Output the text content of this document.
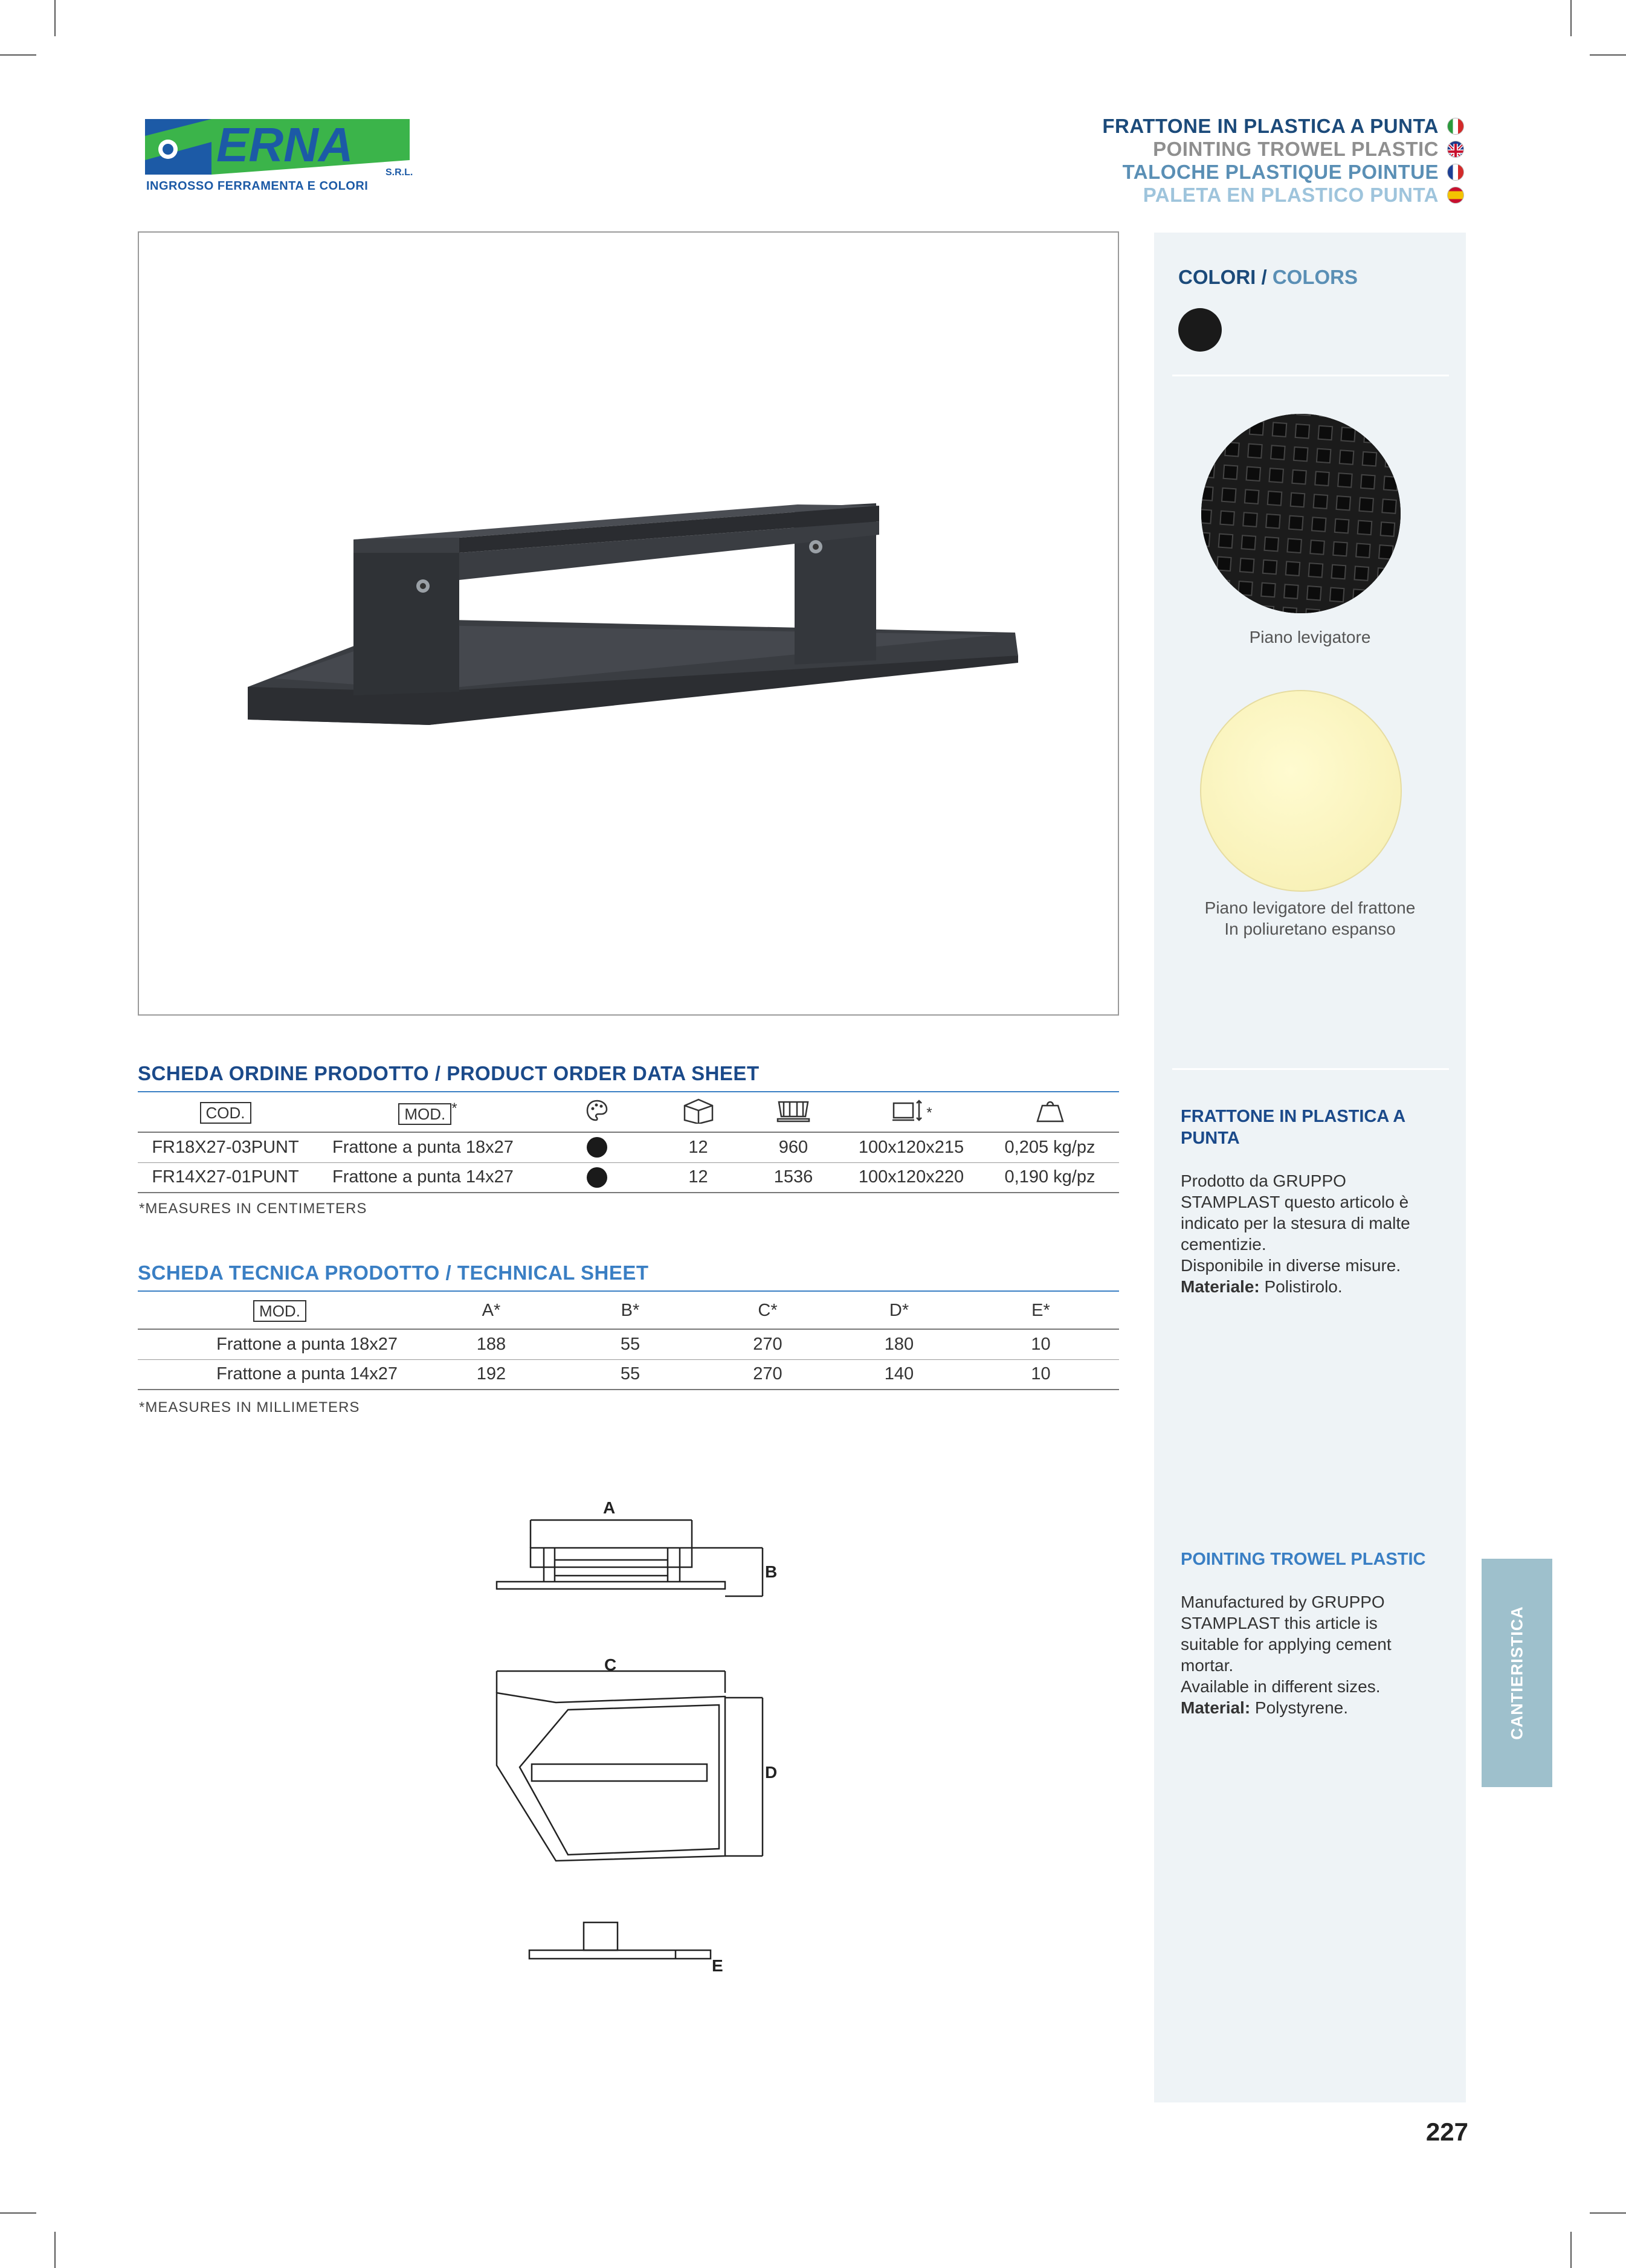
ERNA
S.R.L.
INGROSSO FERRAMENTA E COLORI
FRATTONE IN PLASTICA A PUNTA
POINTING TROWEL PLASTIC
TALOCHE PLASTIQUE POINTUE
PALETA EN PLASTICO PUNTA
COLORI / COLORS
Piano levigatore
Piano levigatore del frattone
In poliuretano espanso
FRATTONE IN PLASTICA A PUNTA
Prodotto da GRUPPO
STAMPLAST questo articolo è
indicato per la stesura di malte
cementizie.
Disponibile in diverse misure.
Materiale: Polistirolo.
POINTING TROWEL PLASTIC
Manufactured by GRUPPO
STAMPLAST this article is
suitable for applying cement
mortar.
Available in different sizes.
Material: Polystyrene.	CANTIERISTICA
SCHEDA ORDINE PRODOTTO / PRODUCT ORDER DATA SHEET
COD.	MOD. *				*	
FR18X27-03PUNT	Frattone a punta 18x27		12	960	100x120x215	0,205 kg/pz
FR14X27-01PUNT	Frattone a punta 14x27		12	1536	100x120x220	0,190 kg/pz
*MEASURES IN CENTIMETERS
SCHEDA TECNICA PRODOTTO / TECHNICAL SHEET
MOD.	A*	B*	C*	D*	E*
Frattone a punta 18x27	188	55	270	180	10
Frattone a punta 14x27	192	55	270	140	10
*MEASURES IN MILLIMETERS
A
B
C
D
E
227
